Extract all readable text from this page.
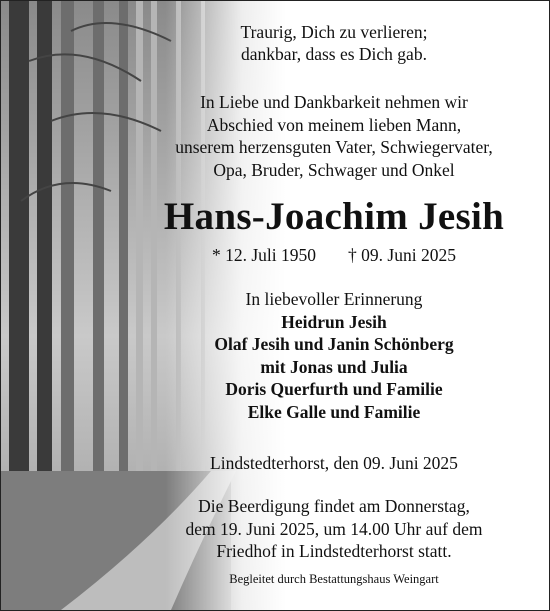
Traurig, Dich zu verlieren;
dankbar, dass es Dich gab.
In Liebe und Dankbarkeit nehmen wir
Abschied von meinem lieben Mann,
unserem herzensguten Vater, Schwiegervater,
Opa, Bruder, Schwager und Onkel
Hans-Joachim Jesih
* 12. Juli 1950 † 09. Juni 2025
In liebevoller Erinnerung
Heidrun Jesih
Olaf Jesih und Janin Schönberg
mit Jonas und Julia
Doris Querfurth und Familie
Elke Galle und Familie
Lindstedterhorst, den 09. Juni 2025
Die Beerdigung findet am Donnerstag,
dem 19. Juni 2025, um 14.00 Uhr auf dem
Friedhof in Lindstedterhorst statt.
Begleitet durch Bestattungshaus Weingart
